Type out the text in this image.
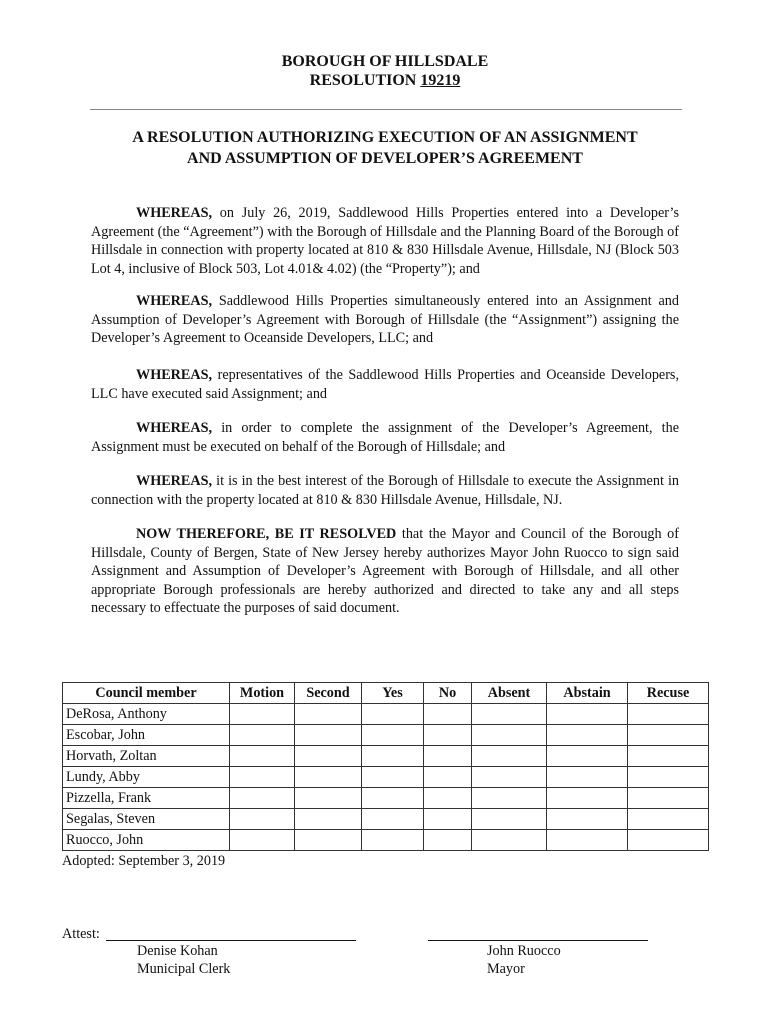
BOROUGH OF HILLSDALE
RESOLUTION 19219
A RESOLUTION AUTHORIZING EXECUTION OF AN ASSIGNMENT
AND ASSUMPTION OF DEVELOPER’S AGREEMENT

WHEREAS, on July 26, 2019, Saddlewood Hills Properties entered into a Developer’s Agreement (the “Agreement”) with the Borough of Hillsdale and the Planning Board of the Borough of Hillsdale in connection with property located at 810 & 830 Hillsdale Avenue, Hillsdale, NJ (Block 503 Lot 4, inclusive of Block 503, Lot 4.01& 4.02) (the “Property”); and

WHEREAS, Saddlewood Hills Properties simultaneously entered into an Assignment and Assumption of Developer’s Agreement with Borough of Hillsdale (the “Assignment”) assigning the Developer’s Agreement to Oceanside Developers, LLC; and

WHEREAS, representatives of the Saddlewood Hills Properties and Oceanside Developers, LLC have executed said Assignment; and

WHEREAS, in order to complete the assignment of the Developer’s Agreement, the Assignment must be executed on behalf of the Borough of Hillsdale; and

WHEREAS, it is in the best interest of the Borough of Hillsdale to execute the Assignment in connection with the property located at 810 & 830 Hillsdale Avenue, Hillsdale, NJ.

NOW THEREFORE, BE IT RESOLVED that the Mayor and Council of the Borough of Hillsdale, County of Bergen, State of New Jersey hereby authorizes Mayor John Ruocco to sign said Assignment and Assumption of Developer’s Agreement with Borough of Hillsdale, and all other appropriate Borough professionals are hereby authorized and directed to take any and all steps necessary to effectuate the purposes of said document.

Council member	Motion	Second	Yes	No	Absent	Abstain	Recuse
DeRosa, Anthony							
Escobar, John							
Horvath, Zoltan							
Lundy, Abby							
Pizzella, Frank							
Segalas, Steven							
Ruocco, John							
Adopted: September 3, 2019
Attest:
Denise Kohan
Municipal Clerk
John Ruocco
Mayor
